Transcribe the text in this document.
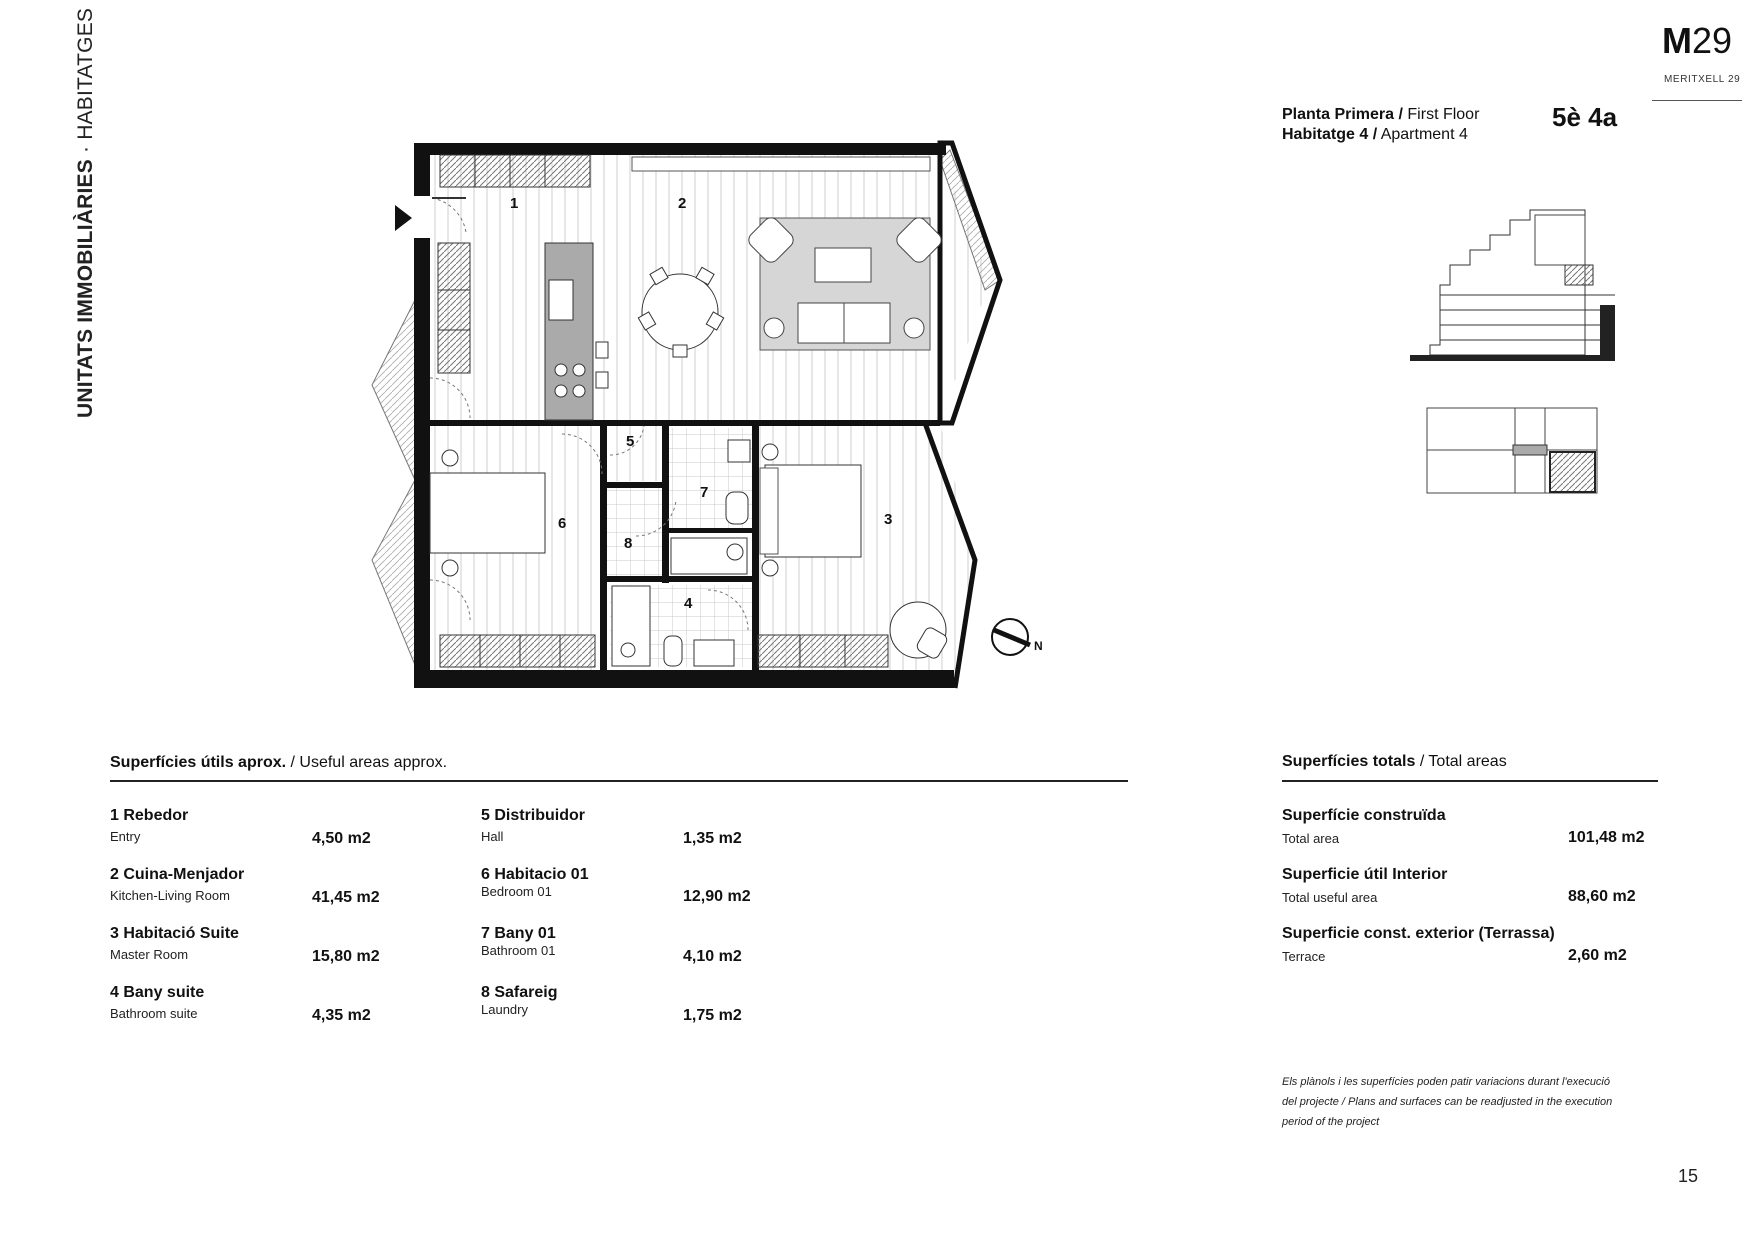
UNITATS IMMOBILIÀRIES · HABITATGES	M29
MERITXELL 29
Planta Primera / First Floor
Habitatge 4 / Apartment 4
5è 4a
N
1	2
3
4
5
6
7
8
Superfícies útils aprox. / Useful areas approx.
1 Rebedor
Entry	4,50 m2
2 Cuina-Menjador
Kitchen-Living Room	41,45 m2
3 Habitació Suite
Master Room	15,80 m2
4 Bany suite
Bathroom suite	4,35 m2
5 Distribuidor
Hall	1,35 m2
6 Habitacio 01
Bedroom 01	12,90 m2
7 Bany 01
Bathroom 01	4,10 m2
8 Safareig
Laundry	1,75 m2
Superfícies totals / Total areas
Superfície construïda
Total area	101,48 m2
Superficie útil Interior
Total useful area	88,60 m2
Superficie const. exterior (Terrassa)
Terrace	2,60 m2
Els plànols i les superfícies poden patir variacions durant l'execució
del projecte / Plans and surfaces can be readjusted in the execution
period of the project
15
